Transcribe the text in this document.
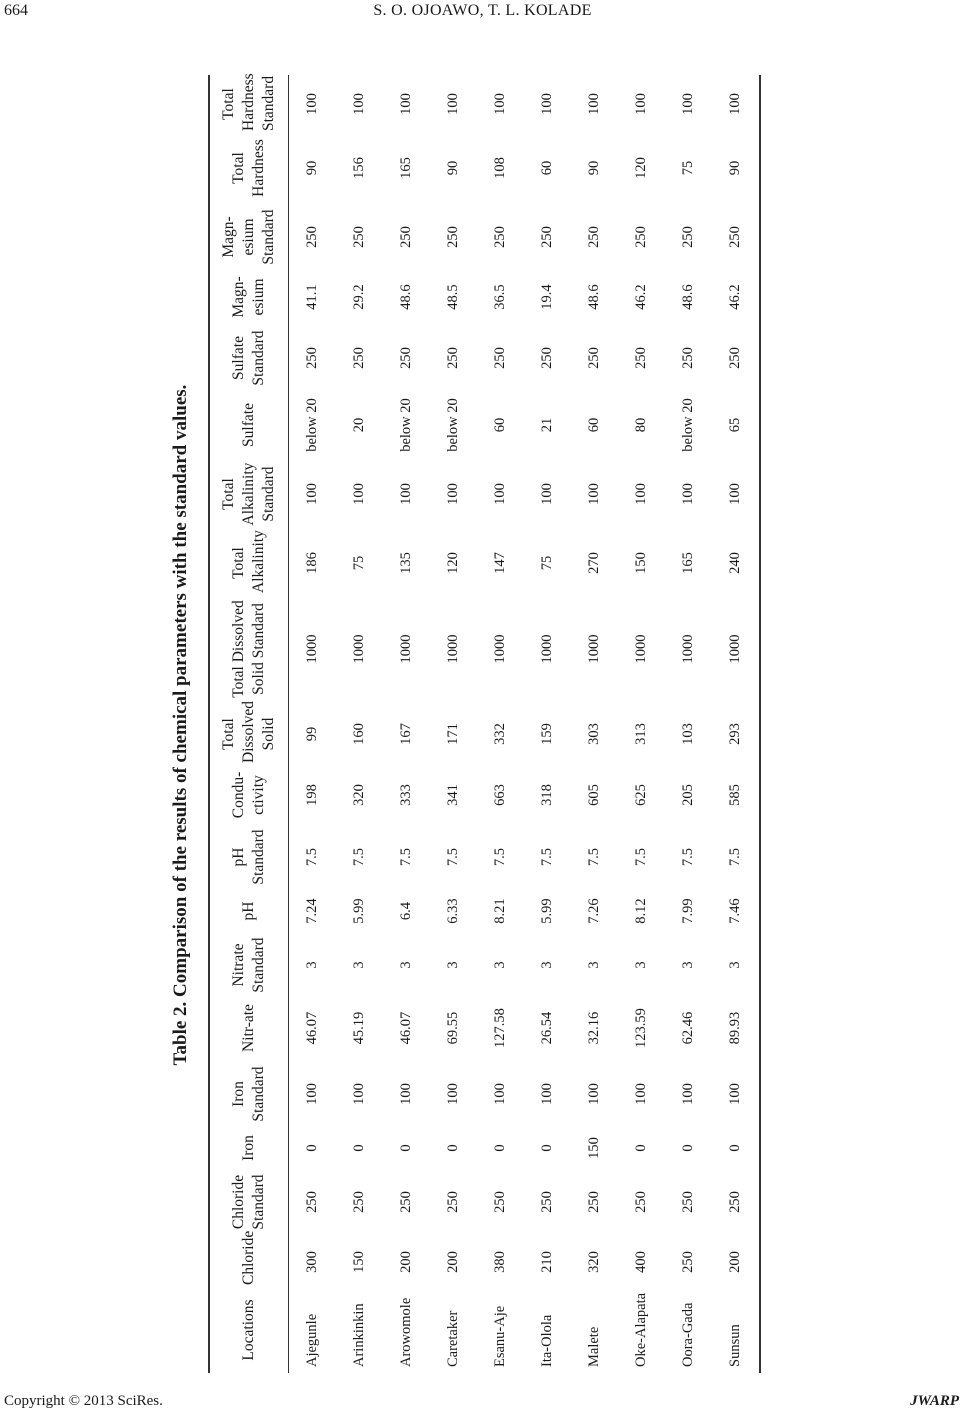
664	S. O. OJOAWO, T. L. KOLADE
Table 2. Comparison of the results of chemical parameters with the standard values.
Locations	Chloride	Chloride Standard	Iron	Iron Standard	Nitr-ate	Nitrate Standard	pH	pH Standard	Condu- ctivity	Total Dissolved Solid	Total Dissolved Solid Standard	Total Alkalinity	Total Alkalinity Standard	Sulfate	Sulfate Standard	Magn- esium	Magn- esium Standard	Total Hardness	Total Hardness Standard
Ajegunle	300	250	0	100	46.07	3	7.24	7.5	198	99	1000	186	100	below 20	250	41.1	250	90	100
Arinkinkin	150	250	0	100	45.19	3	5.99	7.5	320	160	1000	75	100	20	250	29.2	250	156	100
Arowomole	200	250	0	100	46.07	3	6.4	7.5	333	167	1000	135	100	below 20	250	48.6	250	165	100
Caretaker	200	250	0	100	69.55	3	6.33	7.5	341	171	1000	120	100	below 20	250	48.5	250	90	100
Esanu-Aje	380	250	0	100	127.58	3	8.21	7.5	663	332	1000	147	100	60	250	36.5	250	108	100
Ita-Olola	210	250	0	100	26.54	3	5.99	7.5	318	159	1000	75	100	21	250	19.4	250	60	100
Malete	320	250	150	100	32.16	3	7.26	7.5	605	303	1000	270	100	60	250	48.6	250	90	100
Oke-Alapata	400	250	0	100	123.59	3	8.12	7.5	625	313	1000	150	100	80	250	46.2	250	120	100
Oora-Gada	250	250	0	100	62.46	3	7.99	7.5	205	103	1000	165	100	below 20	250	48.6	250	75	100
Sunsun	200	250	0	100	89.93	3	7.46	7.5	585	293	1000	240	100	65	250	46.2	250	90	100
Copyright © 2013 SciRes.	JWARP
